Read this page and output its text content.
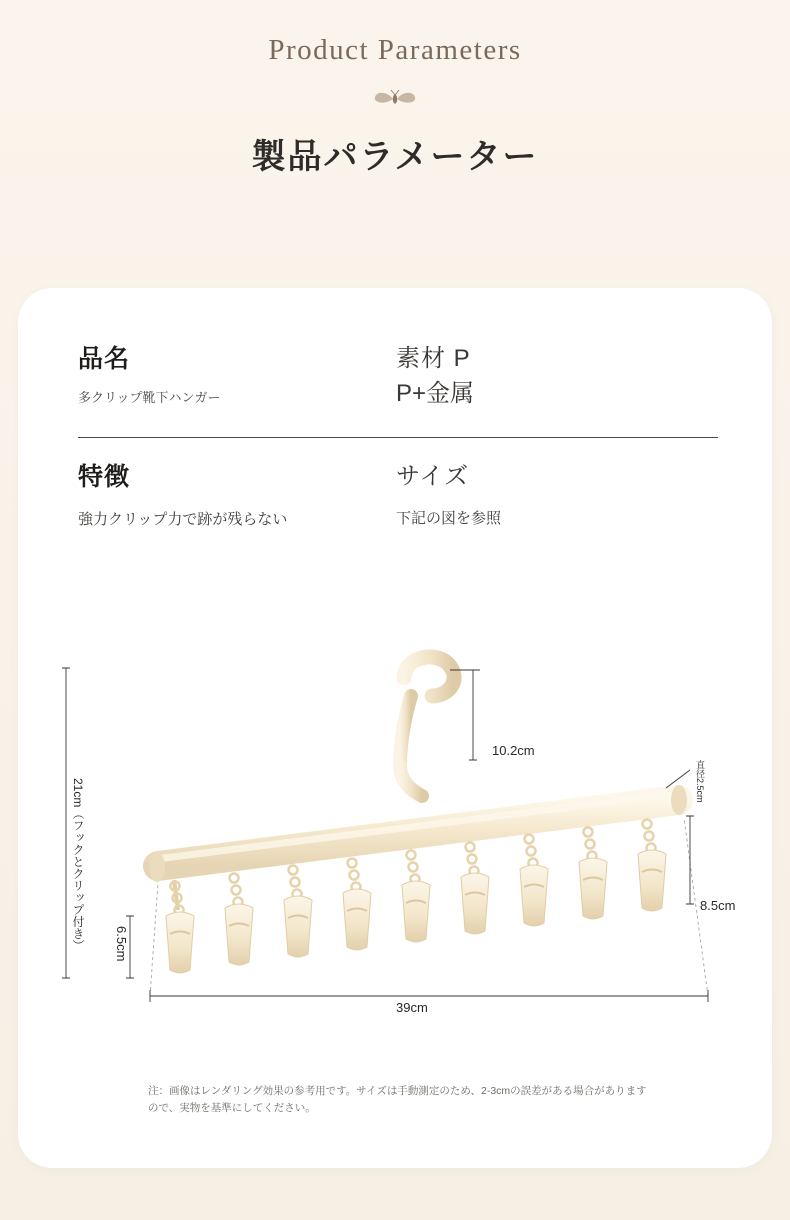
Product Parameters
製品パラメーター
品名
多クリップ靴下ハンガー
素材 P
P+金属
特徴
強力クリップ力で跡が残らない
サイズ
下記の図を参照
10.2cm
8.5cm
直径2.5cm
21cm（フックとクリップ付き） 6.5cm
39cm
注：画像はレンダリング効果の参考用です。サイズは手動測定のため、2-3cmの誤差がある場合がありますので、実物を基準にしてください。
